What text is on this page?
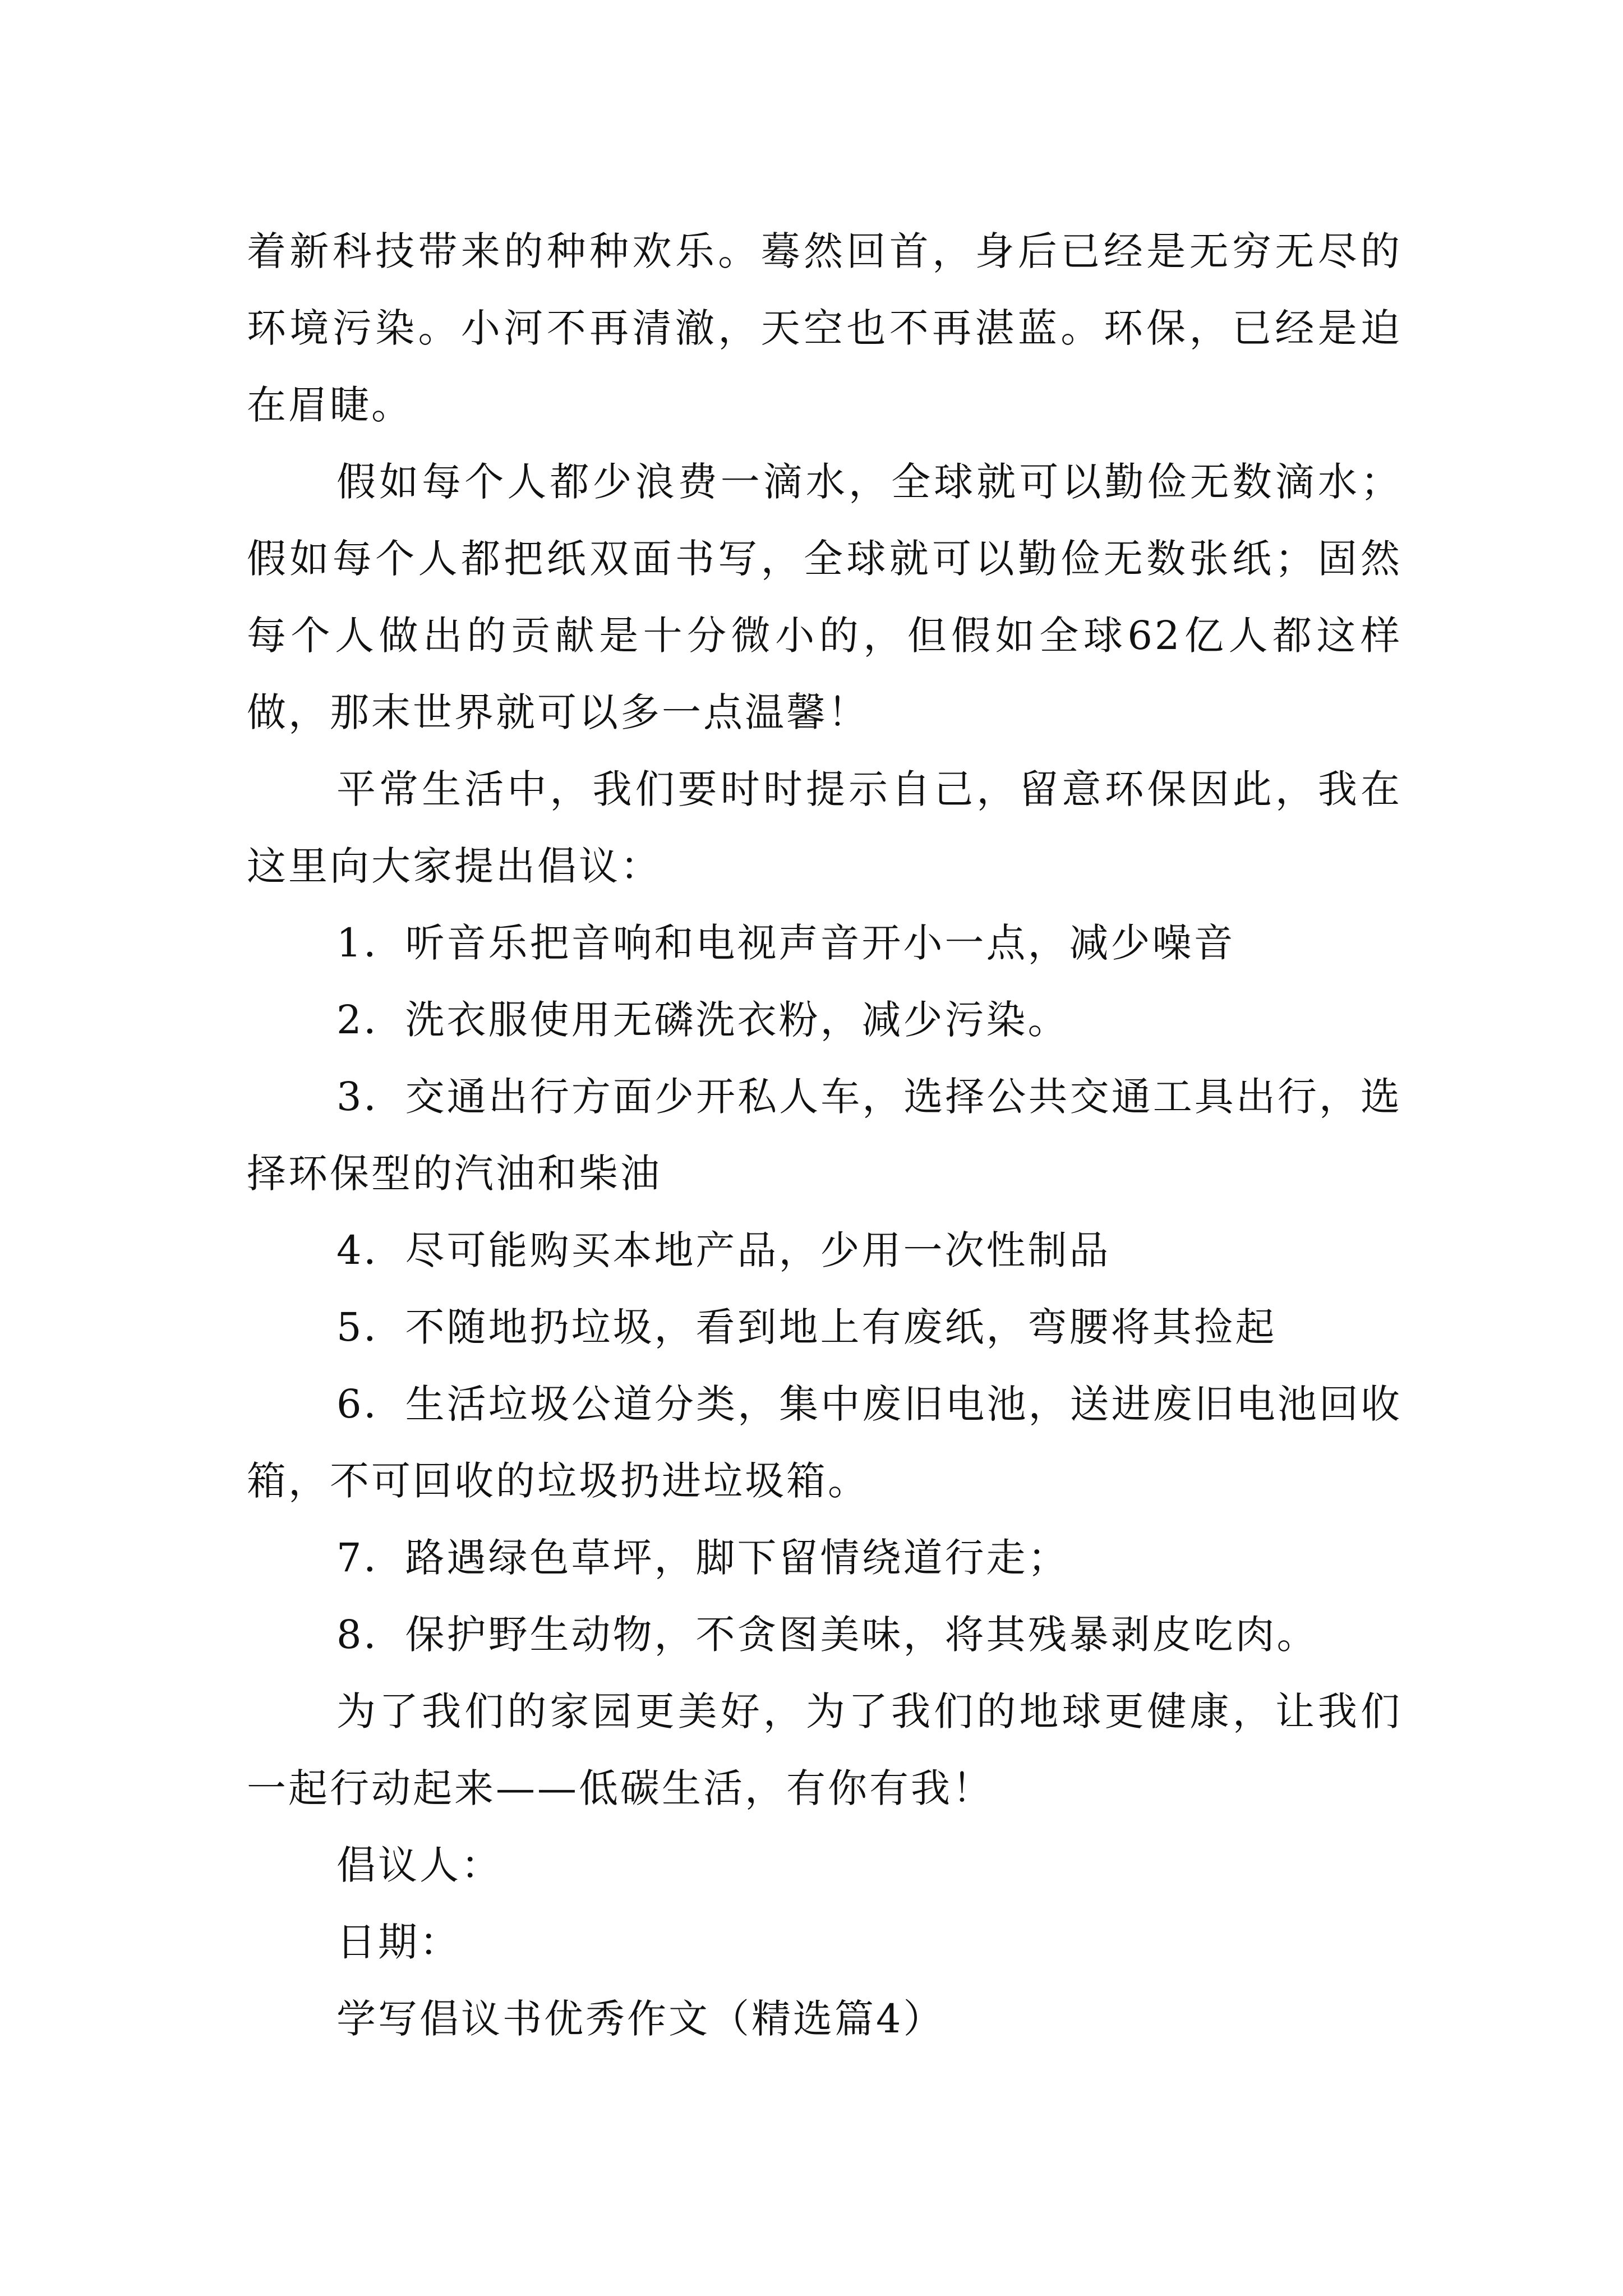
着新科技带来的种种欢乐。蓦然回首，身后已经是无穷无尽的环境污染。小河不再清澈，天空也不再湛蓝。环保，已经是迫在眉睫。

假如每个人都少浪费一滴水，全球就可以勤俭无数滴水；假如每个人都把纸双面书写，全球就可以勤俭无数张纸；固然每个人做出的贡献是十分微小的，但假如全球62亿人都这样做，那末世界就可以多一点温馨！

平常生活中，我们要时时提示自己，留意环保因此，我在这里向大家提出倡议：

1．听音乐把音响和电视声音开小一点，减少噪音

2．洗衣服使用无磷洗衣粉，减少污染。

3．交通出行方面少开私人车，选择公共交通工具出行，选择环保型的汽油和柴油

4．尽可能购买本地产品，少用一次性制品

5．不随地扔垃圾，看到地上有废纸，弯腰将其捡起

6．生活垃圾公道分类，集中废旧电池，送进废旧电池回收箱，不可回收的垃圾扔进垃圾箱。

7．路遇绿色草坪，脚下留情绕道行走；

8．保护野生动物，不贪图美味，将其残暴剥皮吃肉。

为了我们的家园更美好，为了我们的地球更健康，让我们一起行动起来——低碳生活，有你有我！

倡议人：

日期：

学写倡议书优秀作文（精选篇4）
